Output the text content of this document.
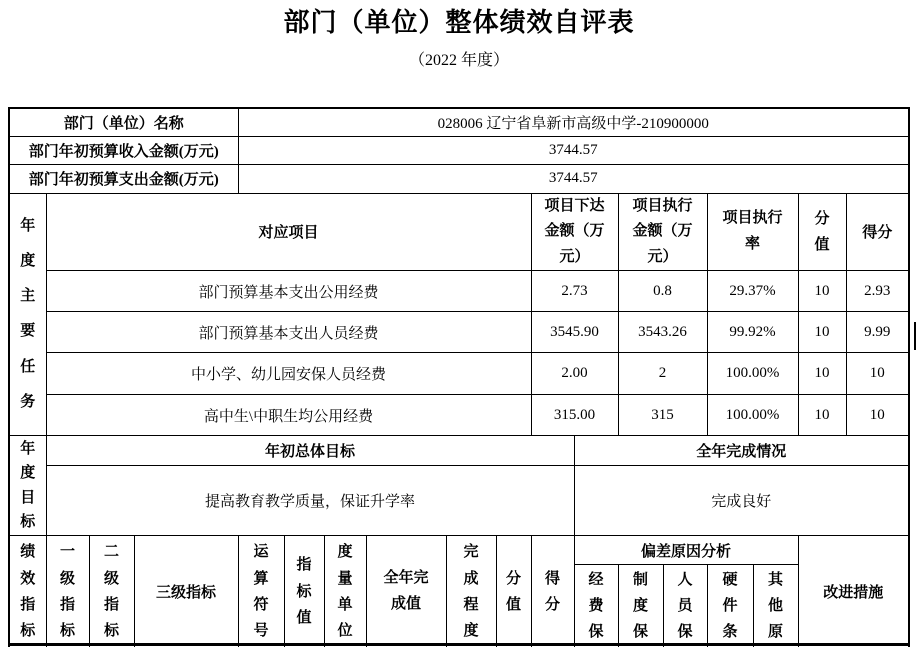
部门（单位）整体绩效自评表
（2022 年度）
部门（单位）名称				028006 辽宁省阜新市高级中学-210900000													
部门年初预算收入金额(万元)				3744.57													
部门年初预算支出金额(万元)				3744.57													
年度主要任务	对应项目									项目下达金额（万元）		项目执行金额（万元）		项目执行率		分值	得分
	部门预算基本支出公用经费									2.73		0.8		29.37%		10	2.93
	部门预算基本支出人员经费									3545.90		3543.26		99.92%		10	9.99
	中小学、幼儿园安保人员经费									2.00		2		100.00%		10	10
	高中生\中职生均公用经费									315.00		315		100.00%		10	10
年度目标	年初总体目标										全年完成情况						
	提高教育教学质量，保证升学率										完成良好						
绩效指标	一级指标	二级指标	三级指标	运算符号	指标值	度量单位	全年完成值	完成程度	分值	得分	偏差原因分析					改进措施	
											经费保	制度保	人员保	硬件条	其他原		
